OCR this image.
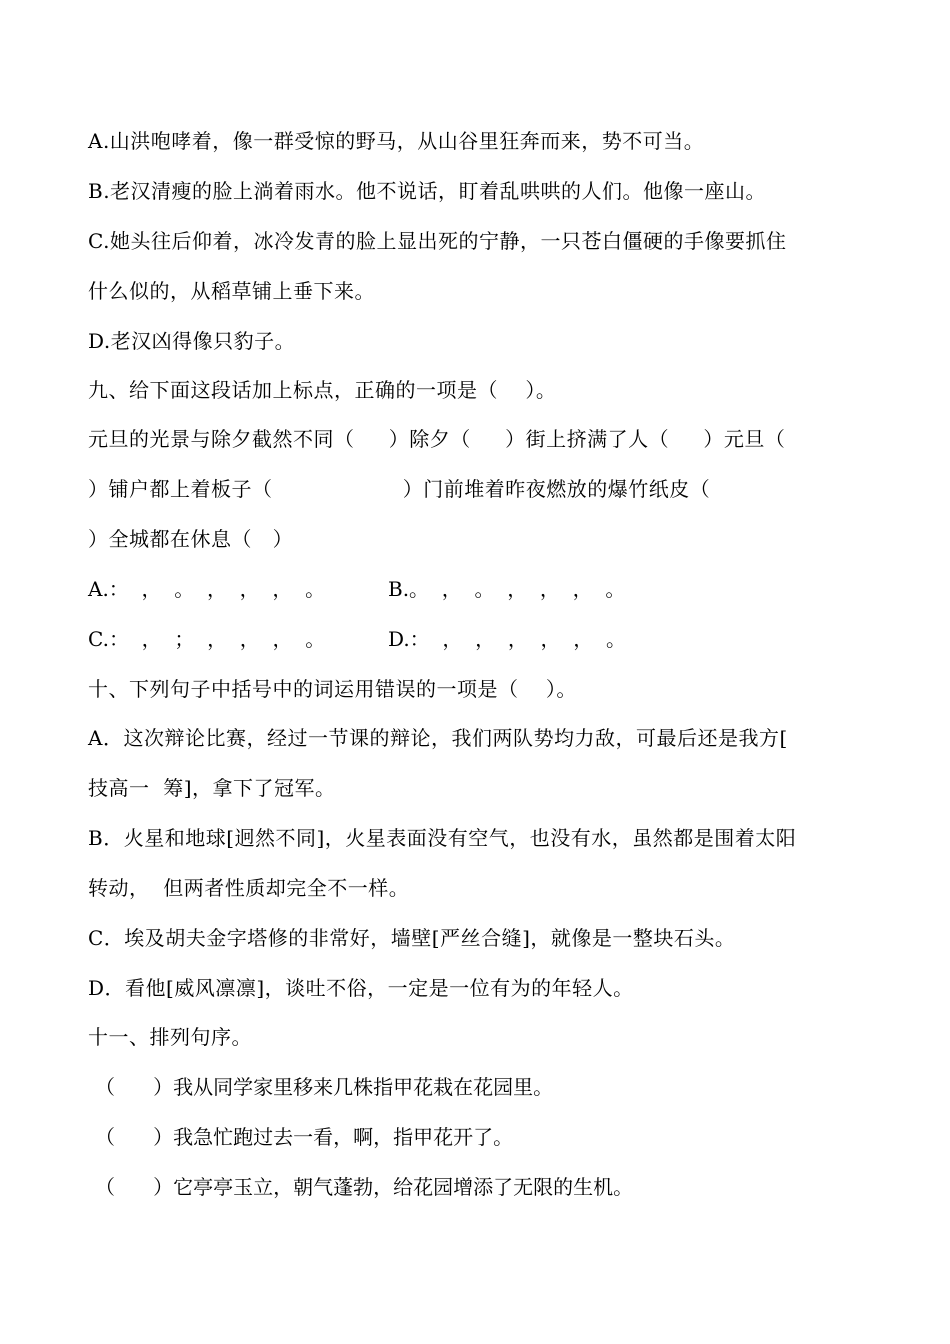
A.山洪咆哮着，像一群受惊的野马，从山谷里狂奔而来，势不可当。
B.老汉清瘦的脸上淌着雨水。他不说话，盯着乱哄哄的人们。他像一座山。
C.她头往后仰着，冰冷发青的脸上显出死的宁静，一只苍白僵硬的手像要抓住
什么似的，从稻草铺上垂下来。
D.老汉凶得像只豹子。
九、给下面这段话加上标点，正确的一项是（    ）。
元旦的光景与除夕截然不同（     ）除夕（     ）街上挤满了人（     ）元旦（
）铺户都上着板子（                   ）门前堆着昨夜燃放的爆竹纸皮（
）全城都在休息（   ）
A.：  ，  。  ，  ，  ，  。	B.。  ，  。  ，  ，  ，  。
C.：  ，  ；  ，  ，  ，  。	D.：  ，  ，  ，  ，  ，  。
十、下列句子中括号中的词运用错误的一项是（    ）。
A．这次辩论比赛，经过一节课的辩论，我们两队势均力敌，可最后还是我方[
技高一  筹]，拿下了冠军。
B．火星和地球[迥然不同]，火星表面没有空气，也没有水，虽然都是围着太阳
转动，  但两者性质却完全不一样。
C．埃及胡夫金字塔修的非常好，墙壁[严丝合缝]，就像是一整块石头。
D．看他[威风凛凛]，谈吐不俗，一定是一位有为的年轻人。
十一、排列句序。
（      ）我从同学家里移来几株指甲花栽在花园里。
（      ）我急忙跑过去一看，啊，指甲花开了。
（      ）它亭亭玉立，朝气蓬勃，给花园增添了无限的生机。
